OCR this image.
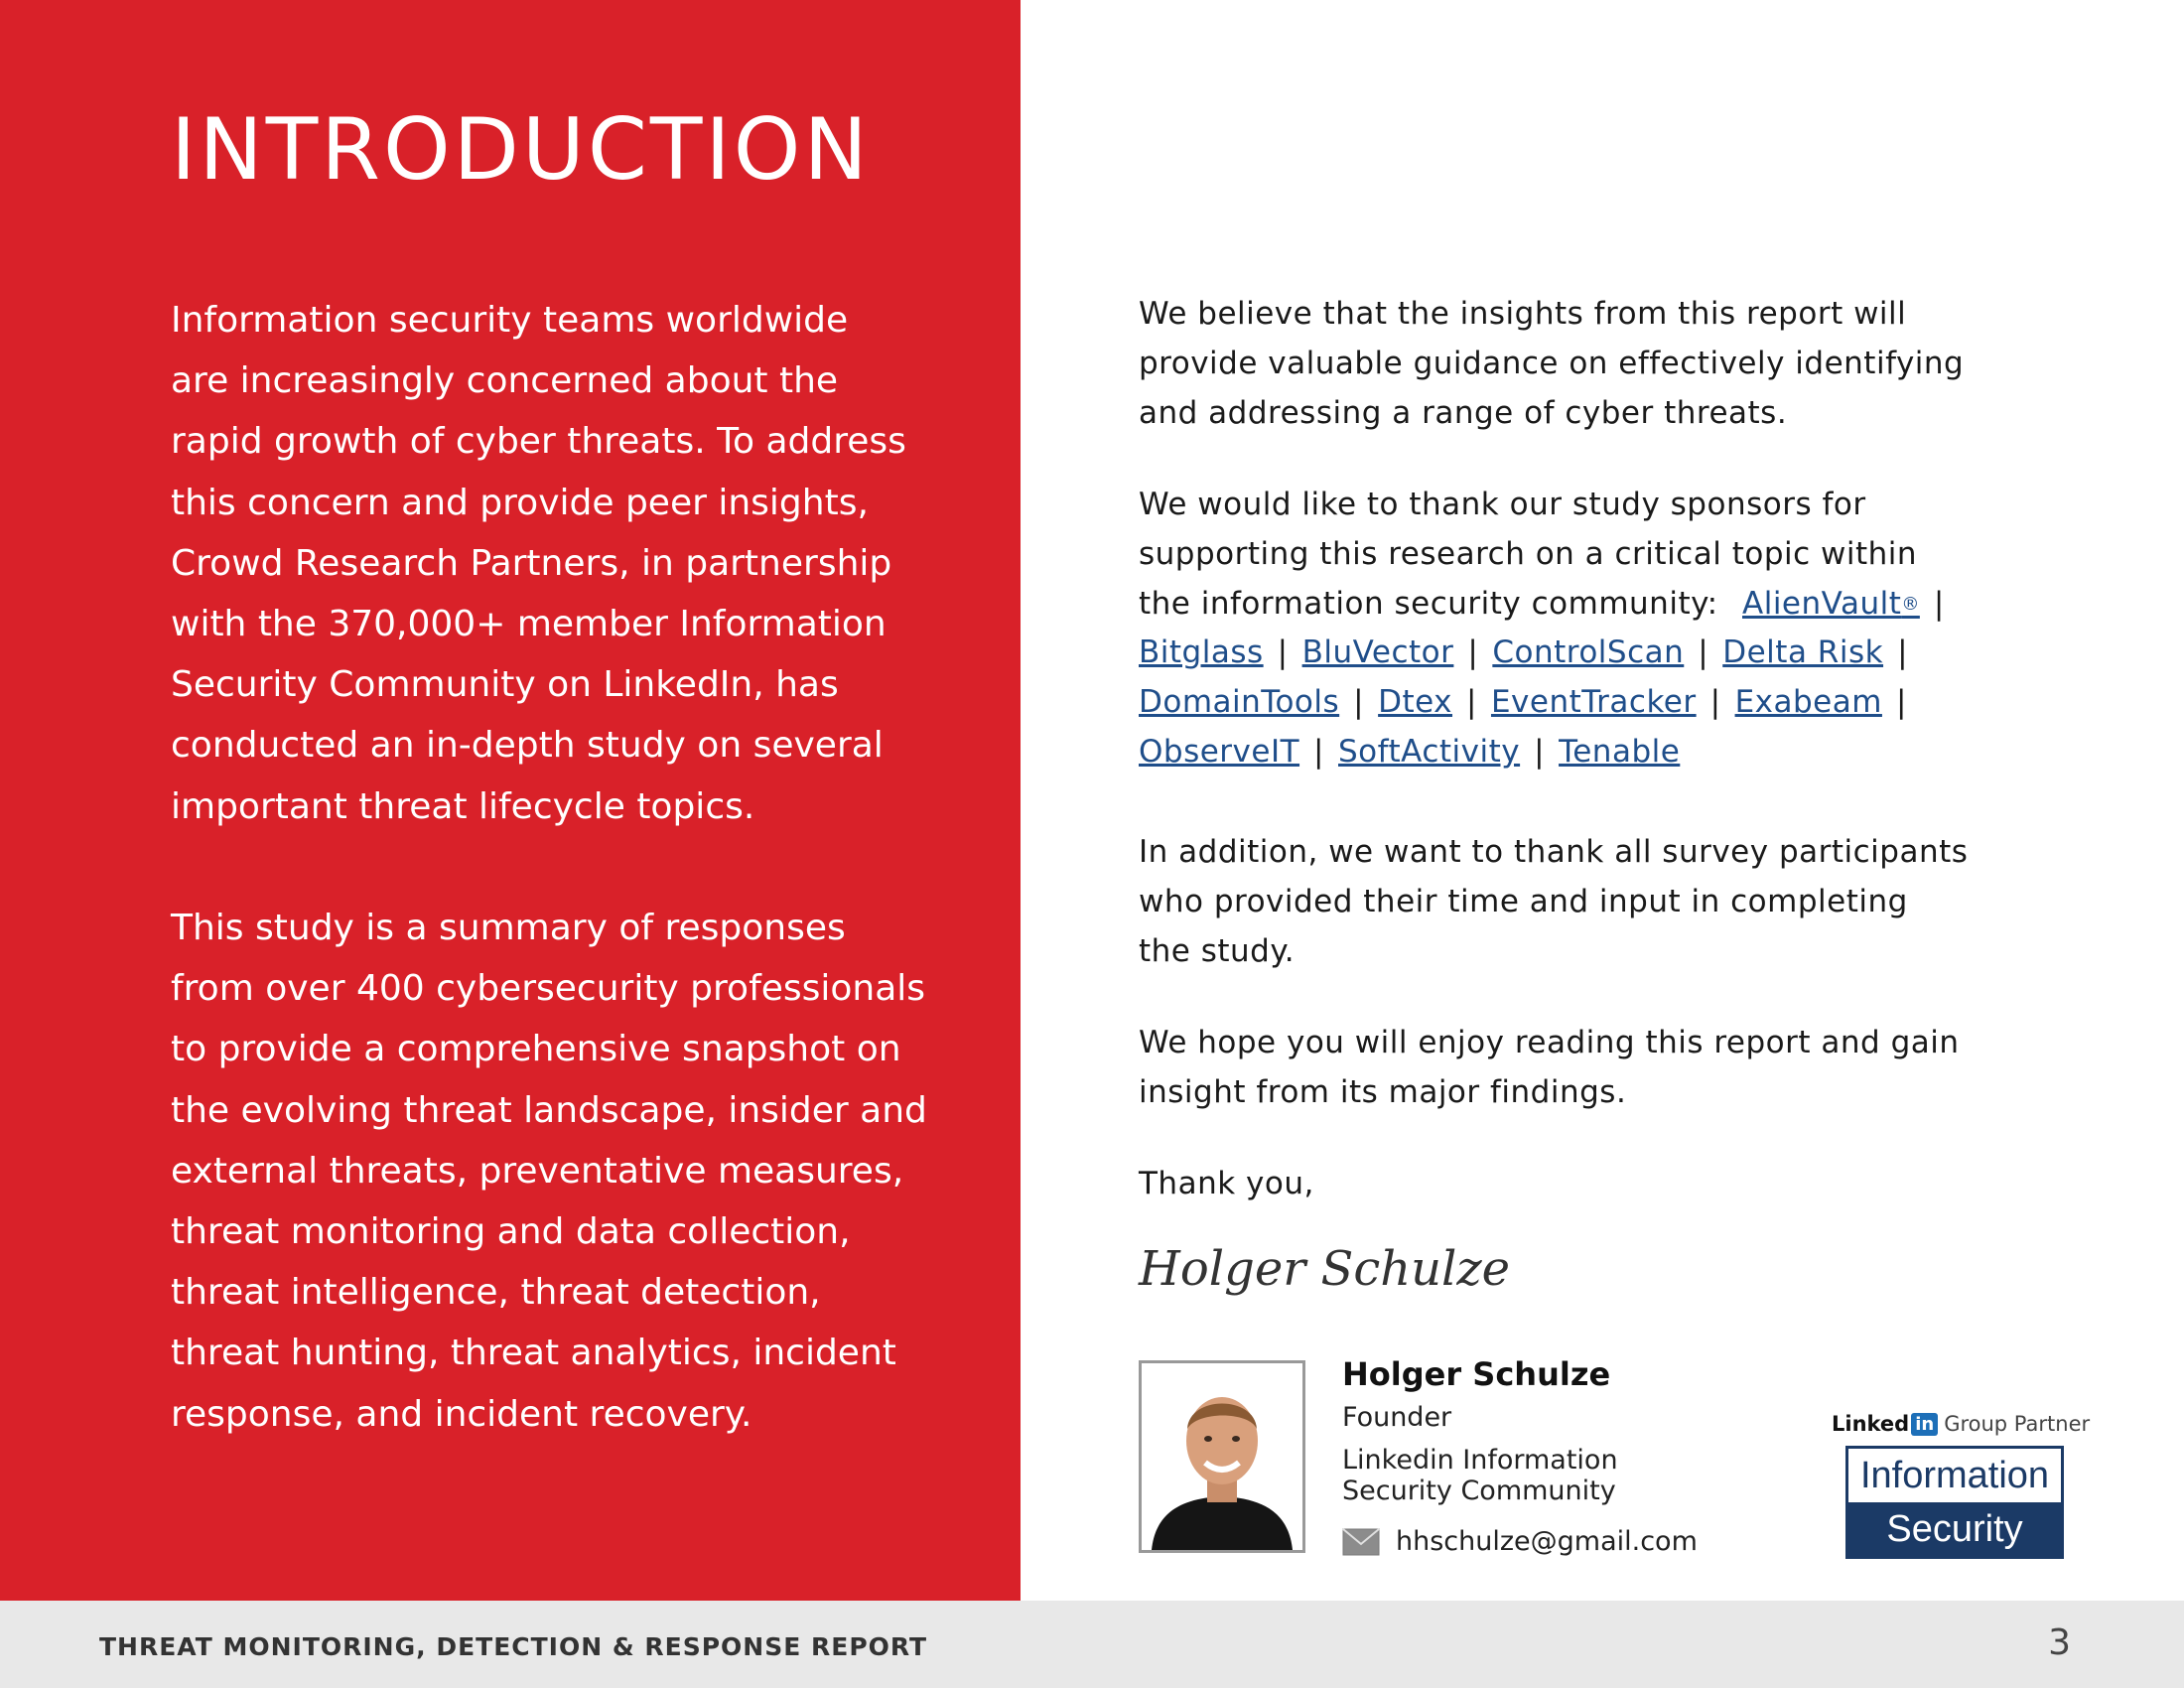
INTRODUCTION
Information security teams worldwide
are increasingly concerned about the
rapid growth of cyber threats. To address
this concern and provide peer insights,
Crowd Research Partners, in partnership
with the 370,000+ member Information
Security Community on LinkedIn, has
conducted an in-depth study on several
important threat lifecycle topics.
This study is a summary of responses
from over 400 cybersecurity professionals
to provide a comprehensive snapshot on
the evolving threat landscape, insider and
external threats, preventative measures,
threat monitoring and data collection,
threat intelligence, threat detection,
threat hunting, threat analytics, incident
response, and incident recovery.
We believe that the insights from this report will
provide valuable guidance on effectively identifying
and addressing a range of cyber threats.
We would like to thank our study sponsors for
supporting this research on a critical topic within
the information security community: AlienVault® |
Bitglass | BluVector | ControlScan | Delta Risk |
DomainTools | Dtex | EventTracker | Exabeam |
ObserveIT | SoftActivity | Tenable
In addition, we want to thank all survey participants
who provided their time and input in completing
the study.
We hope you will enjoy reading this report and gain
insight from its major findings.
Thank you,
Holger Schulze
Holger Schulze
Founder
Linkedin Information
Security Community
hhschulze@gmail.com
Linked in Group Partner
Information
Security
THREAT MONITORING, DETECTION & RESPONSE REPORT	3
